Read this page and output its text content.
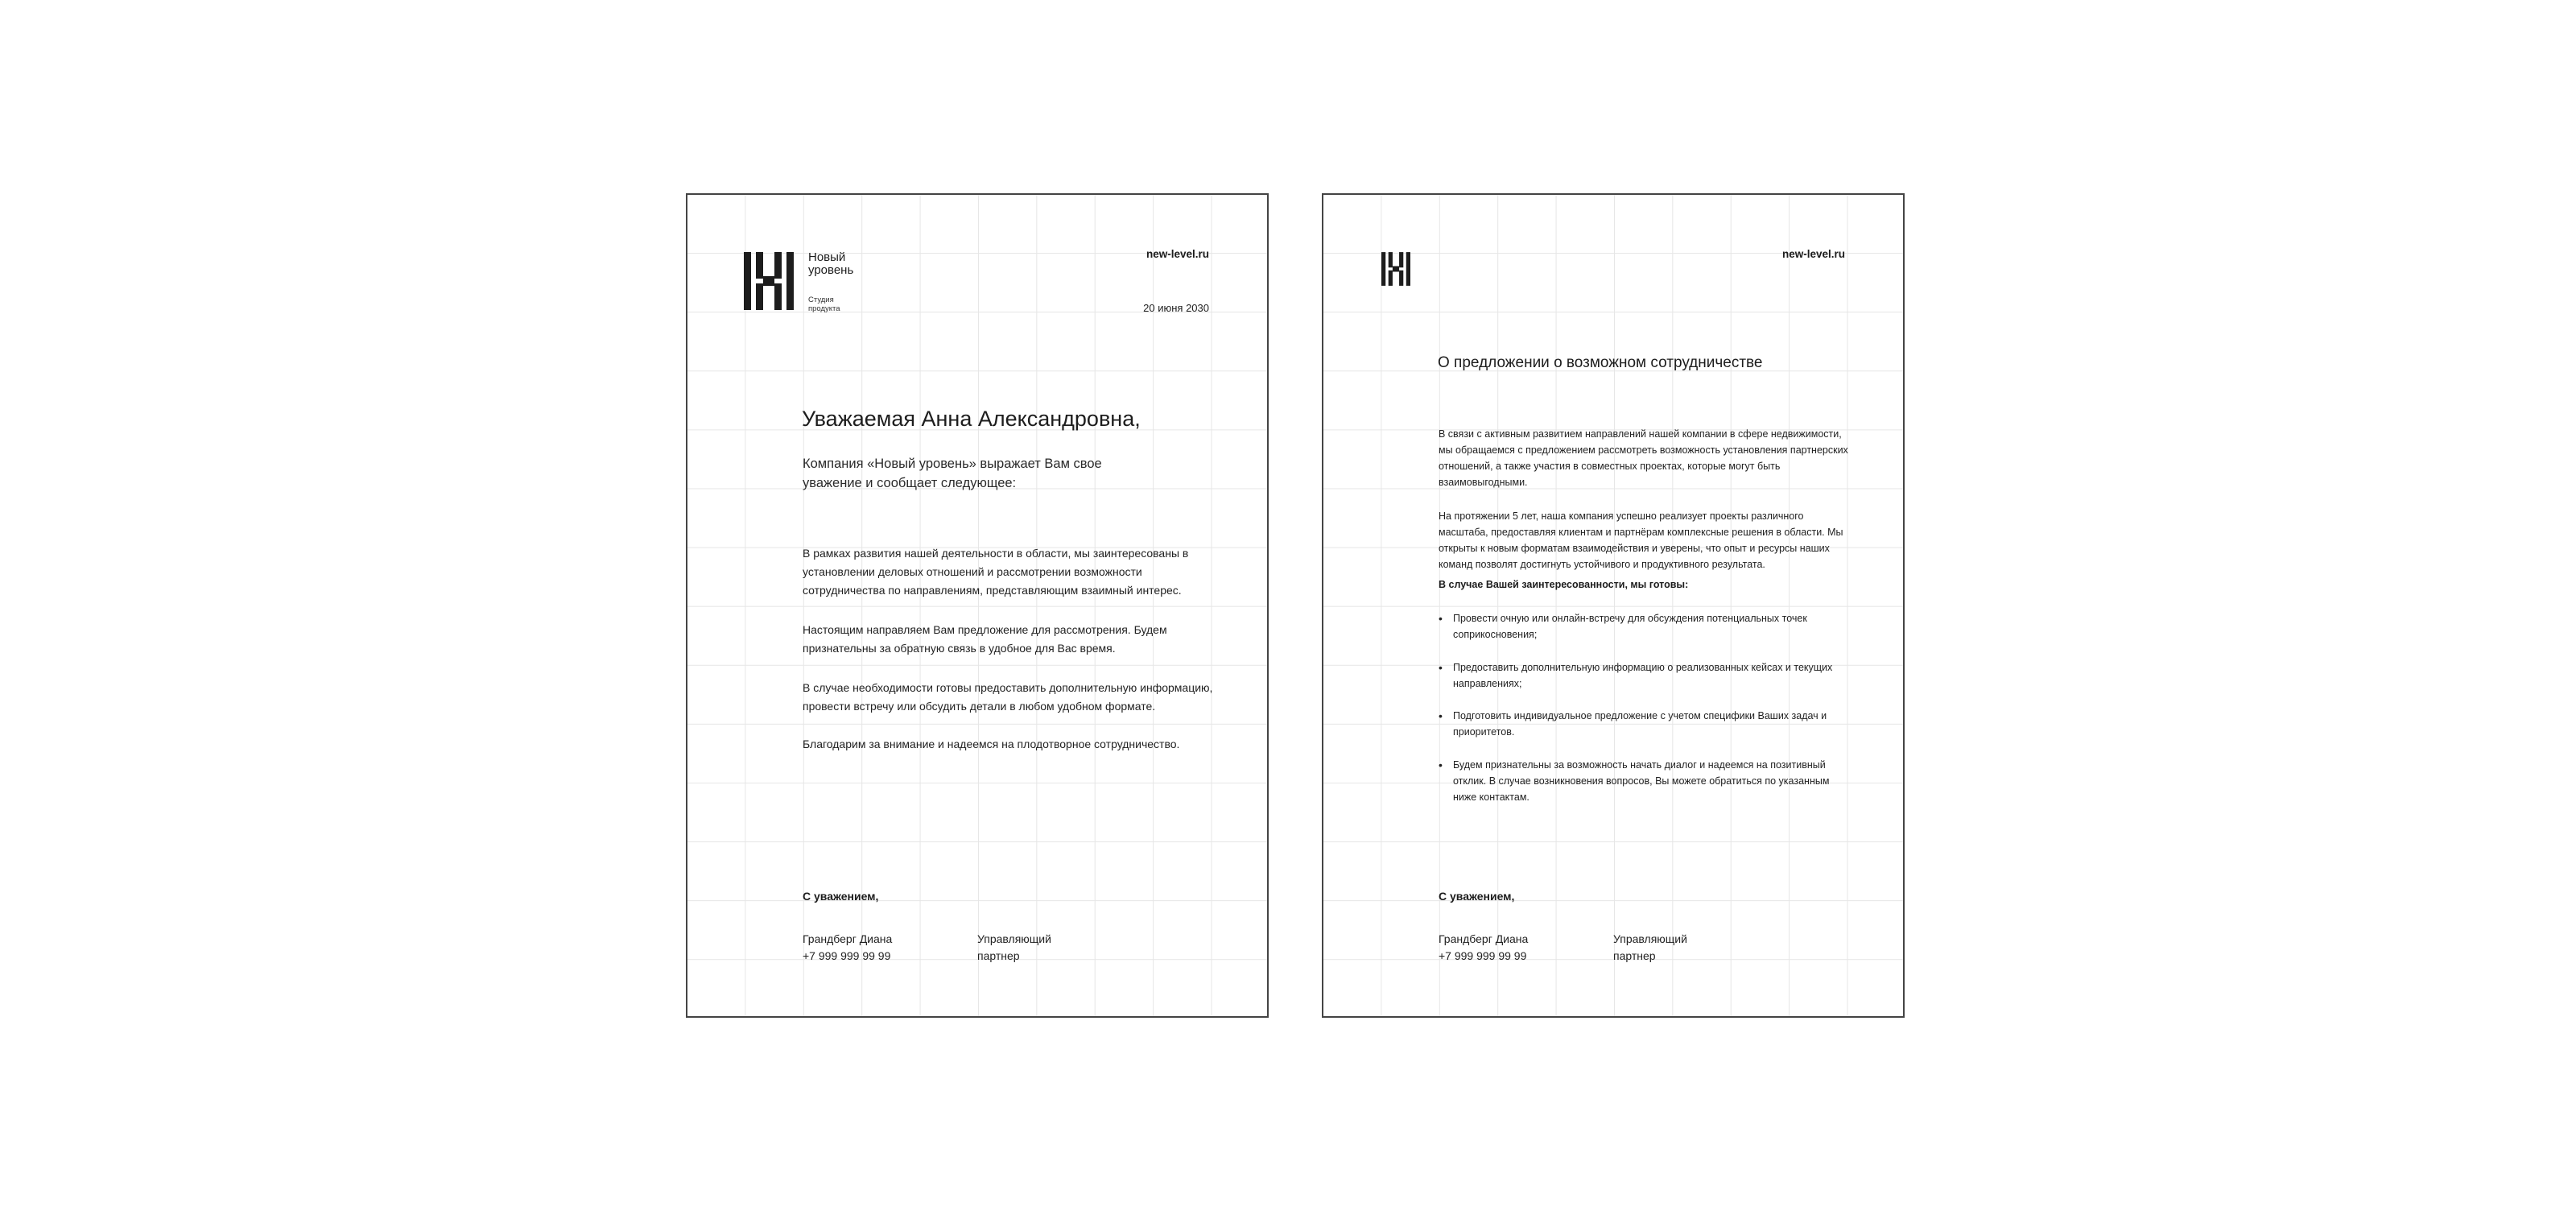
Новый
уровень
Студия
продукта
new-level.ru
20 июня 2030
Уважаемая Анна Александровна,
Компания «Новый уровень» выражает Вам свое уважение и сообщает следующее:

В рамках развития нашей деятельности в области, мы заинтересованы в установлении деловых отношений и рассмотрении возможности сотрудничества по направлениям, представляющим взаимный интерес.

Настоящим направляем Вам предложение для рассмотрения. Будем признательны за обратную связь в удобное для Вас время.

В случае необходимости готовы предоставить дополнительную информацию, провести встречу или обсудить детали в любом удобном формате.

Благодарим за внимание и надеемся на плодотворное сотрудничество.

С уважением,
Грандберг Диана
+7 999 999 99 99
Управляющий партнер
new-level.ru
О предложении о возможном сотрудничестве

В связи с активным развитием направлений нашей компании в сфере недвижимости, мы обращаемся с предложением рассмотреть возможность установления партнерских отношений, а также участия в совместных проектах, которые могут быть взаимовыгодными.

На протяжении 5 лет, наша компания успешно реализует проекты различного масштаба, предоставляя клиентам и партнёрам комплексные решения в области. Мы открыты к новым форматам взаимодействия и уверены, что опыт и ресурсы наших команд позволят достигнуть устойчивого и продуктивного результата.

В случае Вашей заинтересованности, мы готовы:
• Провести очную или онлайн-встречу для обсуждения потенциальных точек соприкосновения;
• Предоставить дополнительную информацию о реализованных кейсах и текущих направлениях;
• Подготовить индивидуальное предложение с учетом специфики Ваших задач и приоритетов.
• Будем признательны за возможность начать диалог и надеемся на позитивный отклик. В случае возникновения вопросов, Вы можете обратиться по указанным ниже контактам.
С уважением,
Грандберг Диана
+7 999 999 99 99
Управляющий партнер
